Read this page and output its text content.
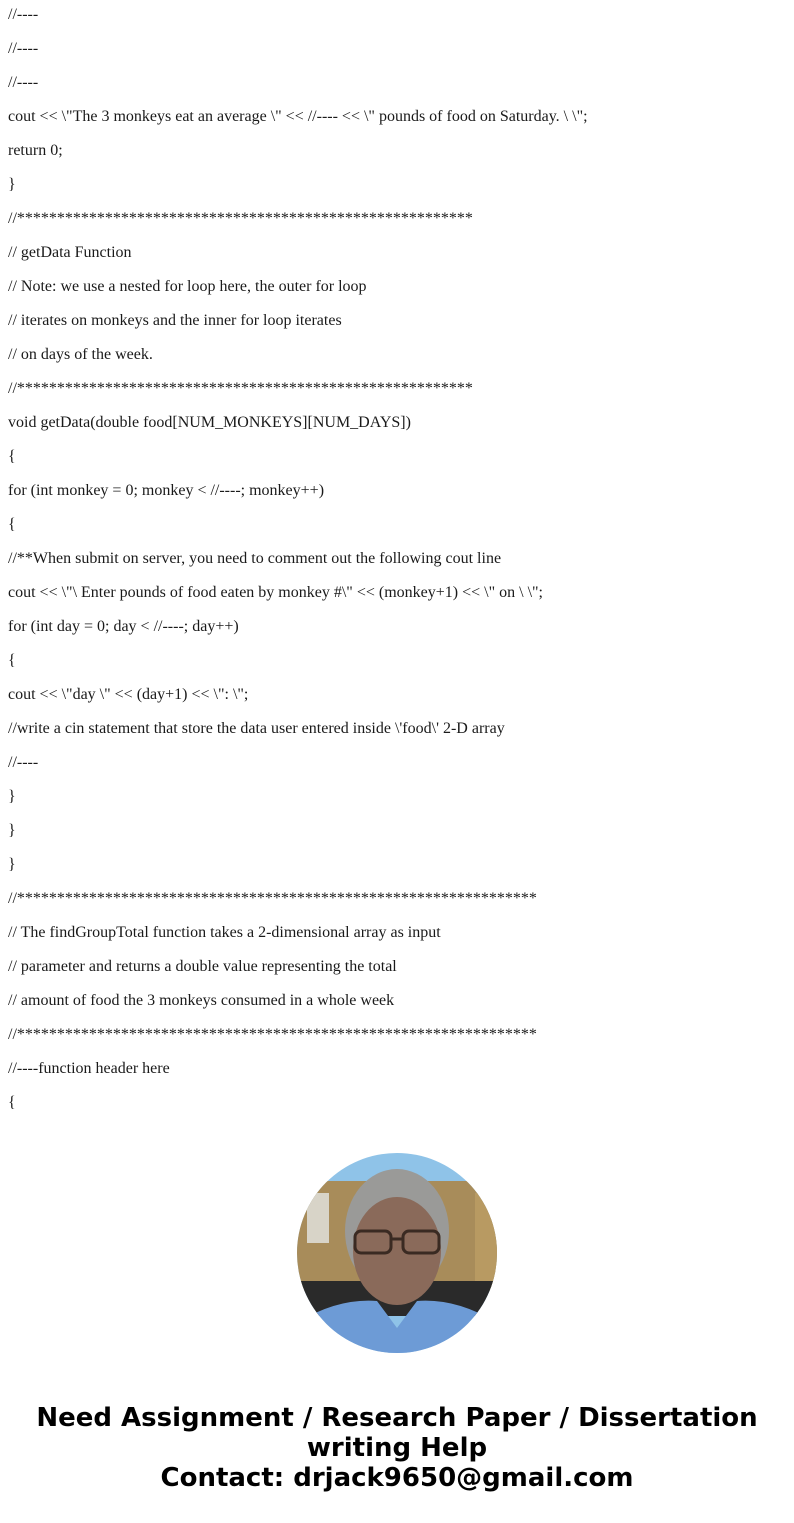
//----
//----
//----
cout << \"The 3 monkeys eat an average \" << //---- << \" pounds of food on Saturday. \ \";
return 0;
}
//*********************************************************
// getData Function
// Note: we use a nested for loop here, the outer for loop
// iterates on monkeys and the inner for loop iterates
// on days of the week.
//*********************************************************
void getData(double food[NUM_MONKEYS][NUM_DAYS])
{
for (int monkey = 0; monkey < //----; monkey++)
{
//**When submit on server, you need to comment out the following cout line
cout << \"\ Enter pounds of food eaten by monkey #\" << (monkey+1) << \" on \ \";
for (int day = 0; day < //----; day++)
{
cout << \"day \" << (day+1) << \": \";
//write a cin statement that store the data user entered inside \'food\' 2-D array
//----
}
}
}
//*****************************************************************
// The findGroupTotal function takes a 2-dimensional array as input
// parameter and returns a double value representing the total
// amount of food the 3 monkeys consumed in a whole week
//*****************************************************************
//----function header here
{
Need Assignment / Research Paper / Dissertation
writing Help
Contact: drjack9650@gmail.com
